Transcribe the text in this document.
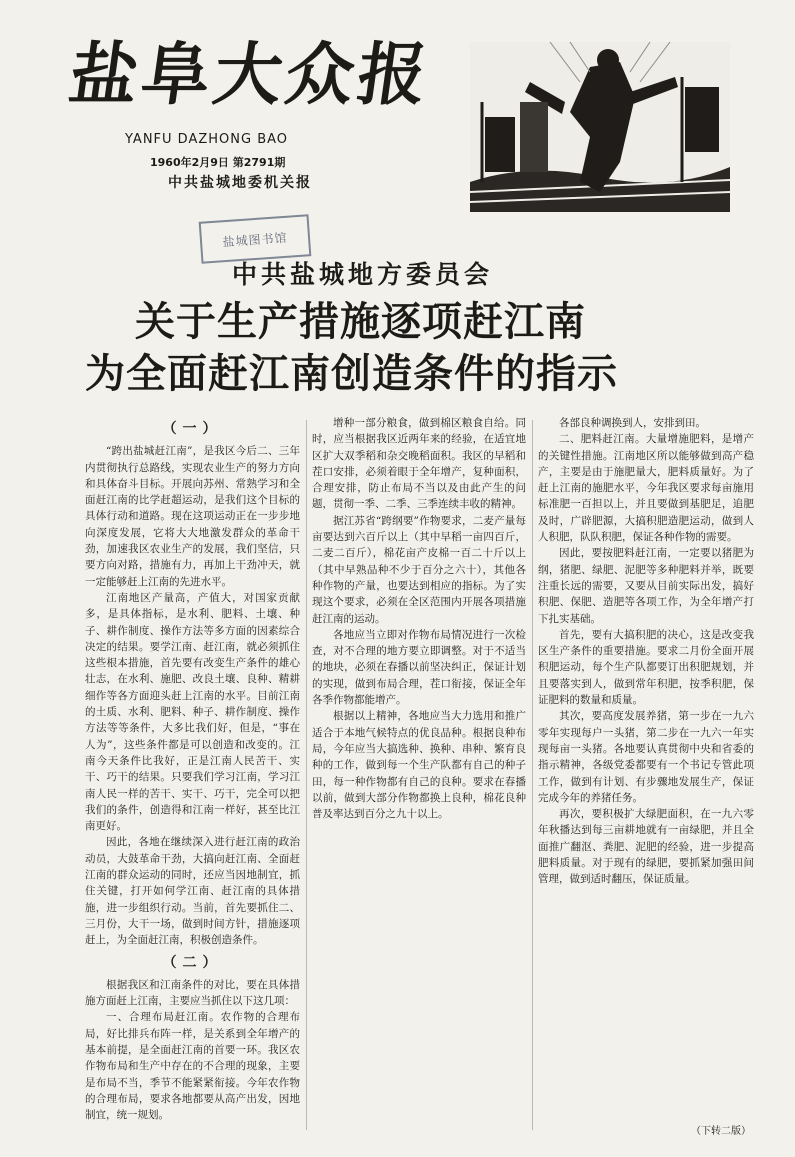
盐阜大众报
YANFU DAZHONG BAO
1960年2月9日 第2791期
中共盐城地委机关报
盐城图书馆
中共盐城地方委员会
关于生产措施逐项赶江南
为全面赶江南创造条件的指示
（一）

“跨出盐城赶江南”，是我区今后二、三年内贯彻执行总路线，实现农业生产的努力方向和具体奋斗目标。开展向苏州、常熟学习和全面赶江南的比学赶超运动，是我们这个目标的具体行动和道路。现在这项运动正在一步步地向深度发展，它将大大地激发群众的革命干劲，加速我区农业生产的发展，我们坚信，只要方向对路，措施有力，再加上干劲冲天，就一定能够赶上江南的先进水平。

江南地区产量高，产值大，对国家贡献多，是具体指标，是水利、肥料、土壤、种子、耕作制度、操作方法等多方面的因素综合决定的结果。要学江南、赶江南，就必须抓住这些根本措施，首先要有改变生产条件的雄心壮志，在水利、施肥、改良土壤、良种、精耕细作等各方面迎头赶上江南的水平。目前江南的土质、水利、肥料、种子、耕作制度、操作方法等等条件，大多比我们好，但是，“事在人为”，这些条件都是可以创造和改变的。江南今天条件比我好，正是江南人民苦干、实干、巧干的结果。只要我们学习江南，学习江南人民一样的苦干、实干、巧干，完全可以把我们的条件，创造得和江南一样好，甚至比江南更好。

因此，各地在继续深入进行赶江南的政治动员，大鼓革命干劲，大搞向赶江南、全面赶江南的群众运动的同时，还应当因地制宜，抓住关键，打开如何学江南、赶江南的具体措施，进一步组织行动。当前，首先要抓住二、三月份，大干一场，做到时间方针，措施逐项赶上，为全面赶江南，积极创造条件。

（二）

根据我区和江南条件的对比，要在具体措施方面赶上江南，主要应当抓住以下这几项：

一、合理布局赶江南。农作物的合理布局，好比排兵布阵一样，是关系到全年增产的基本前提，是全面赶江南的首要一环。我区农作物布局和生产中存在的不合理的现象，主要是布局不当，季节不能紧紧衔接。今年农作物的合理布局，要求各地都要从高产出发，因地制宜，统一规划。

增种一部分粮食，做到棉区粮食自给。同时，应当根据我区近两年来的经验，在适宜地区扩大双季稻和杂交晚稻面积。我区的早稻和茬口安排，必须着眼于全年增产，复种面积，合理安排，防止布局不当以及由此产生的问题，贯彻一季、二季、三季连续丰收的精神。

据江苏省“跨纲要”作物要求，二麦产量每亩要达到六百斤以上（其中早稻一亩四百斤，二麦二百斤），棉花亩产皮棉一百二十斤以上（其中早熟品种不少于百分之六十），其他各种作物的产量，也要达到相应的指标。为了实现这个要求，必须在全区范围内开展各项措施赶江南的运动。

各地应当立即对作物布局情况进行一次检查，对不合理的地方要立即调整。对于不适当的地块，必须在春播以前坚决纠正，保证计划的实现，做到布局合理，茬口衔接，保证全年各季作物都能增产。

根据以上精神，各地应当大力选用和推广适合于本地气候特点的优良品种。根据良种布局，今年应当大搞选种、换种、串种、繁育良种的工作，做到每一个生产队都有自己的种子田，每一种作物都有自己的良种。要求在春播以前，做到大部分作物都换上良种，棉花良种普及率达到百分之九十以上。

各部良种调换到人，安排到田。

二、肥料赶江南。大量增施肥料，是增产的关键性措施。江南地区所以能够做到高产稳产，主要是由于施肥量大，肥料质量好。为了赶上江南的施肥水平，今年我区要求每亩施用标准肥一百担以上，并且要做到基肥足，追肥及时，广辟肥源，大搞积肥造肥运动，做到人人积肥，队队积肥，保证各种作物的需要。

因此，要按肥料赶江南，一定要以猪肥为纲，猪肥、绿肥、泥肥等多种肥料并举，既要注重长远的需要，又要从目前实际出发，搞好积肥、保肥、造肥等各项工作，为全年增产打下扎实基础。

首先，要有大搞积肥的决心，这是改变我区生产条件的重要措施。要求二月份全面开展积肥运动，每个生产队都要订出积肥规划，并且要落实到人，做到常年积肥，按季积肥，保证肥料的数量和质量。

其次，要高度发展养猪，第一步在一九六零年实现每户一头猪，第二步在一九六一年实现每亩一头猪。各地要认真贯彻中央和省委的指示精神，各级党委都要有一个书记专管此项工作，做到有计划、有步骤地发展生产，保证完成今年的养猪任务。

再次，要积极扩大绿肥面积，在一九六零年秋播达到每三亩耕地就有一亩绿肥，并且全面推广翻沤、粪肥、泥肥的经验，进一步提高肥料质量。对于现有的绿肥，要抓紧加强田间管理，做到适时翻压，保证质量。

（下转二版）
